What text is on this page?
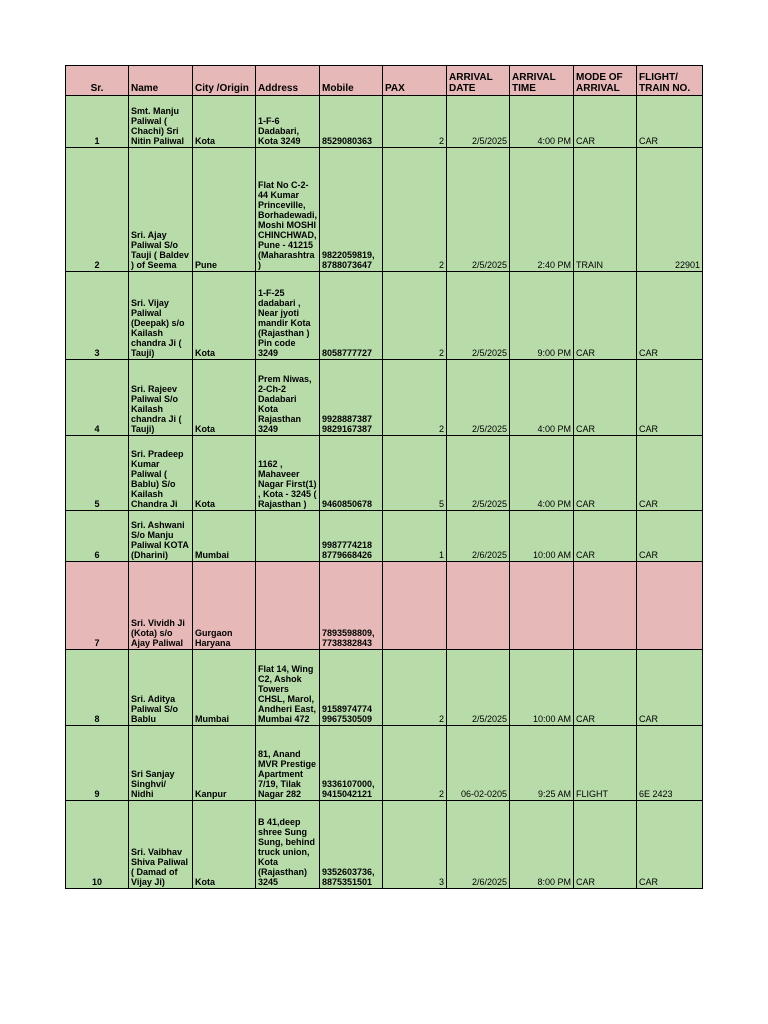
Sr.	Name	City /Origin	Address	Mobile	PAX	ARRIVAL DATE	ARRIVAL TIME	MODE OF ARRIVAL	FLIGHT/ TRAIN NO.
1	Smt. Manju Paliwal ( Chachi) Sri Nitin Paliwal	Kota	1-F-6 Dadabari, Kota 3249	8529080363	2	2/5/2025	4:00 PM	CAR	CAR
2	Sri. Ajay Paliwal S/o Tauji ( Baldev ) of Seema	Pune	Flat No C-2-44 Kumar Princeville, Borhadewadi, Moshi MOSHI CHINCHWAD, Pune - 41215 (Maharashtra )	9822059819, 8788073647	2	2/5/2025	2:40 PM	TRAIN	22901
3	Sri. Vijay Paliwal (Deepak) s/o Kailash chandra Ji ( Tauji)	Kota	1-F-25 dadabari , Near jyoti mandir Kota (Rajasthan ) Pin code 3249	8058777727	2	2/5/2025	9:00 PM	CAR	CAR
4	Sri. Rajeev Paliwal S/o Kailash chandra Ji ( Tauji)	Kota	Prem Niwas, 2-Ch-2 Dadabari Kota Rajasthan 3249	9928887387 9829167387	2	2/5/2025	4:00 PM	CAR	CAR
5	Sri. Pradeep Kumar Paliwal ( Bablu) S/o Kailash Chandra Ji	Kota	1162 , Mahaveer Nagar First(1) , Kota - 3245 ( Rajasthan )	9460850678	5	2/5/2025	4:00 PM	CAR	CAR
6	Sri. Ashwani S/o Manju Paliwal KOTA (Dharini)	Mumbai		9987774218 8779668426	1	2/6/2025	10:00 AM	CAR	CAR
7	Sri. Vividh Ji (Kota) s/o Ajay Paliwal	Gurgaon Haryana		7893598809, 7738382843					
8	Sri. Aditya Paliwal S/o Bablu	Mumbai	Flat 14, Wing C2, Ashok Towers CHSL, Marol, Andheri East, Mumbai 472	9158974774 9967530509	2	2/5/2025	10:00 AM	CAR	CAR
9	Sri Sanjay Singhvi/ Nidhi	Kanpur	81, Anand MVR Prestige Apartment 7/19, Tilak Nagar 282	9336107000, 9415042121	2	06-02-0205	9:25 AM	FLIGHT	6E 2423
10	Sri. Vaibhav Shiva Paliwal ( Damad of Vijay Ji)	Kota	B 41,deep shree Sung Sung, behind truck union, Kota (Rajasthan) 3245	9352603736, 8875351501	3	2/6/2025	8:00 PM	CAR	CAR
